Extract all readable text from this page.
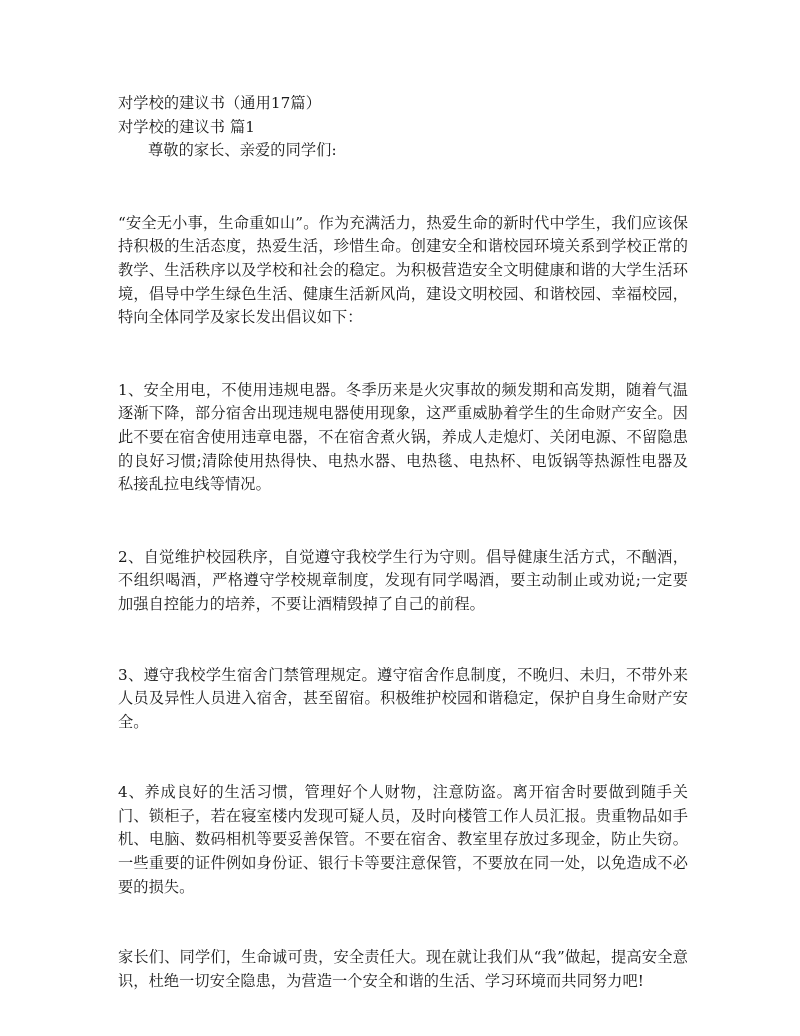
对学校的建议书（通用17篇）
对学校的建议书 篇1
尊敬的家长、亲爱的同学们:
“安全无小事，生命重如山”。作为充满活力，热爱生命的新时代中学生，我们应该保持积极的生活态度，热爱生活，珍惜生命。创建安全和谐校园环境关系到学校正常的教学、生活秩序以及学校和社会的稳定。为积极营造安全文明健康和谐的大学生活环境，倡导中学生绿色生活、健康生活新风尚，建设文明校园、和谐校园、幸福校园，特向全体同学及家长发出倡议如下：
1、安全用电，不使用违规电器。冬季历来是火灾事故的频发期和高发期，随着气温逐渐下降，部分宿舍出现违规电器使用现象，这严重威胁着学生的生命财产安全。因此不要在宿舍使用违章电器，不在宿舍煮火锅，养成人走熄灯、关闭电源、不留隐患的良好习惯;清除使用热得快、电热水器、电热毯、电热杯、电饭锅等热源性电器及私接乱拉电线等情况。
2、自觉维护校园秩序，自觉遵守我校学生行为守则。倡导健康生活方式，不酗酒，不组织喝酒，严格遵守学校规章制度，发现有同学喝酒，要主动制止或劝说;一定要加强自控能力的培养，不要让酒精毁掉了自己的前程。
3、遵守我校学生宿舍门禁管理规定。遵守宿舍作息制度，不晚归、未归，不带外来人员及异性人员进入宿舍，甚至留宿。积极维护校园和谐稳定，保护自身生命财产安全。
4、养成良好的生活习惯，管理好个人财物，注意防盗。离开宿舍时要做到随手关门、锁柜子，若在寝室楼内发现可疑人员，及时向楼管工作人员汇报。贵重物品如手机、电脑、数码相机等要妥善保管。不要在宿舍、教室里存放过多现金，防止失窃。一些重要的证件例如身份证、银行卡等要注意保管，不要放在同一处，以免造成不必要的损失。
家长们、同学们，生命诚可贵，安全责任大。现在就让我们从“我”做起，提高安全意识，杜绝一切安全隐患，为营造一个安全和谐的生活、学习环境而共同努力吧!
